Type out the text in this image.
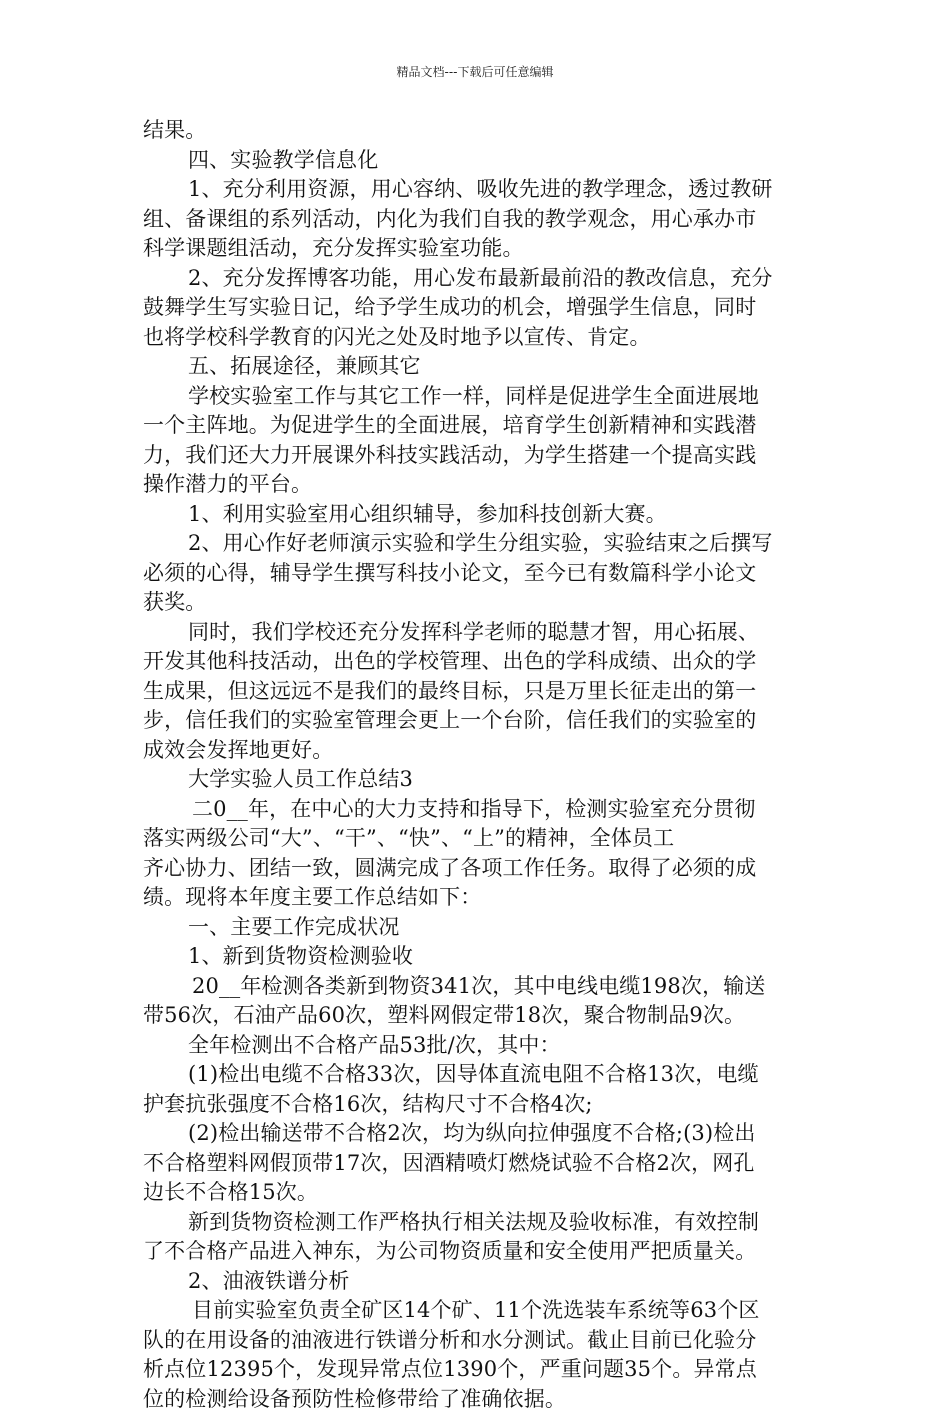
精品文档---下载后可任意编辑
结果。
四、实验教学信息化
1、充分利用资源，用心容纳、吸收先进的教学理念，透过教研
组、备课组的系列活动，内化为我们自我的教学观念，用心承办市
科学课题组活动，充分发挥实验室功能。
2、充分发挥博客功能，用心发布最新最前沿的教改信息，充分
鼓舞学生写实验日记，给予学生成功的机会，增强学生信息，同时
也将学校科学教育的闪光之处及时地予以宣传、肯定。
五、拓展途径，兼顾其它
学校实验室工作与其它工作一样，同样是促进学生全面进展地
一个主阵地。为促进学生的全面进展，培育学生创新精神和实践潜
力，我们还大力开展课外科技实践活动，为学生搭建一个提高实践
操作潜力的平台。
1、利用实验室用心组织辅导，参加科技创新大赛。
2、用心作好老师演示实验和学生分组实验，实验结束之后撰写
必须的心得，辅导学生撰写科技小论文，至今已有数篇科学小论文
获奖。
同时，我们学校还充分发挥科学老师的聪慧才智，用心拓展、
开发其他科技活动，出色的学校管理、出色的学科成绩、出众的学
生成果，但这远远不是我们的最终目标，只是万里长征走出的第一
步，信任我们的实验室管理会更上一个台阶，信任我们的实验室的
成效会发挥地更好。
大学实验人员工作总结3
二0__年，在中心的大力支持和指导下，检测实验室充分贯彻
落实两级公司“大”、“干”、“快”、“上”的精神，全体员工
齐心协力、团结一致，圆满完成了各项工作任务。取得了必须的成
绩。现将本年度主要工作总结如下：
一、主要工作完成状况
1、新到货物资检测验收
20__年检测各类新到物资341次，其中电线电缆198次，输送
带56次，石油产品60次，塑料网假定带18次，聚合物制品9次。
全年检测出不合格产品53批/次，其中：
(1)检出电缆不合格33次，因导体直流电阻不合格13次，电缆
护套抗张强度不合格16次，结构尺寸不合格4次;
(2)检出输送带不合格2次，均为纵向拉伸强度不合格;(3)检出
不合格塑料网假顶带17次，因酒精喷灯燃烧试验不合格2次，网孔
边长不合格15次。
新到货物资检测工作严格执行相关法规及验收标准，有效控制
了不合格产品进入神东，为公司物资质量和安全使用严把质量关。
2、油液铁谱分析
目前实验室负责全矿区14个矿、11个洗选装车系统等63个区
队的在用设备的油液进行铁谱分析和水分测试。截止目前已化验分
析点位12395个，发现异常点位1390个，严重问题35个。异常点
位的检测给设备预防性检修带给了准确依据。
